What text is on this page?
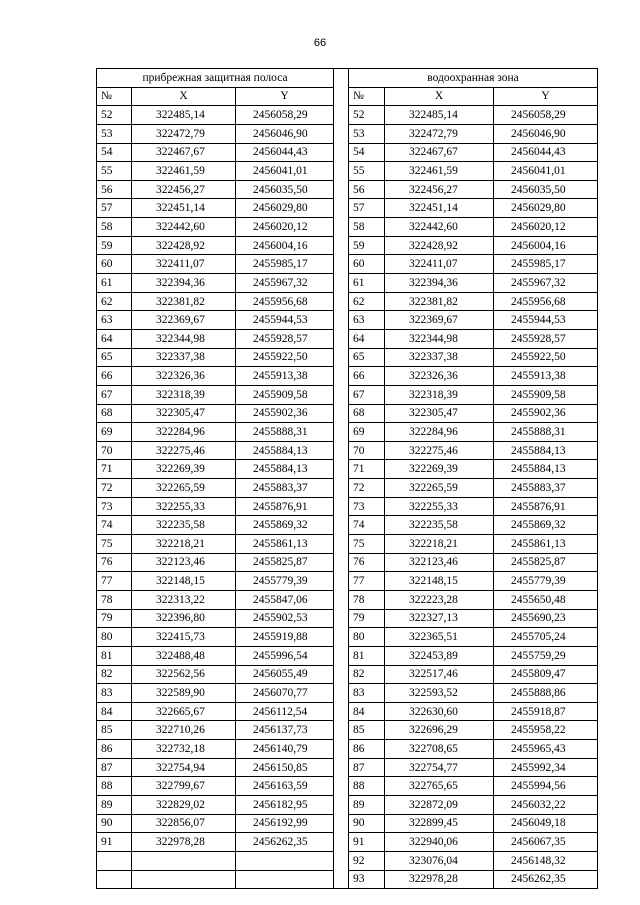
66
прибрежная защитная полоса				водоохранная зона		
№	X	Y		№	X	Y
52	322485,14	2456058,29		52	322485,14	2456058,29
53	322472,79	2456046,90		53	322472,79	2456046,90
54	322467,67	2456044,43		54	322467,67	2456044,43
55	322461,59	2456041,01		55	322461,59	2456041,01
56	322456,27	2456035,50		56	322456,27	2456035,50
57	322451,14	2456029,80		57	322451,14	2456029,80
58	322442,60	2456020,12		58	322442,60	2456020,12
59	322428,92	2456004,16		59	322428,92	2456004,16
60	322411,07	2455985,17		60	322411,07	2455985,17
61	322394,36	2455967,32		61	322394,36	2455967,32
62	322381,82	2455956,68		62	322381,82	2455956,68
63	322369,67	2455944,53		63	322369,67	2455944,53
64	322344,98	2455928,57		64	322344,98	2455928,57
65	322337,38	2455922,50		65	322337,38	2455922,50
66	322326,36	2455913,38		66	322326,36	2455913,38
67	322318,39	2455909,58		67	322318,39	2455909,58
68	322305,47	2455902,36		68	322305,47	2455902,36
69	322284,96	2455888,31		69	322284,96	2455888,31
70	322275,46	2455884,13		70	322275,46	2455884,13
71	322269,39	2455884,13		71	322269,39	2455884,13
72	322265,59	2455883,37		72	322265,59	2455883,37
73	322255,33	2455876,91		73	322255,33	2455876,91
74	322235,58	2455869,32		74	322235,58	2455869,32
75	322218,21	2455861,13		75	322218,21	2455861,13
76	322123,46	2455825,87		76	322123,46	2455825,87
77	322148,15	2455779,39		77	322148,15	2455779,39
78	322313,22	2455847,06		78	322223,28	2455650,48
79	322396,80	2455902,53		79	322327,13	2455690,23
80	322415,73	2455919,88		80	322365,51	2455705,24
81	322488,48	2455996,54		81	322453,89	2455759,29
82	322562,56	2456055,49		82	322517,46	2455809,47
83	322589,90	2456070,77		83	322593,52	2455888,86
84	322665,67	2456112,54		84	322630,60	2455918,87
85	322710,26	2456137,73		85	322696,29	2455958,22
86	322732,18	2456140,79		86	322708,65	2455965,43
87	322754,94	2456150,85		87	322754,77	2455992,34
88	322799,67	2456163,59		88	322765,65	2455994,56
89	322829,02	2456182,95		89	322872,09	2456032,22
90	322856,07	2456192,99		90	322899,45	2456049,18
91	322978,28	2456262,35		91	322940,06	2456067,35
				92	323076,04	2456148,32
				93	322978,28	2456262,35
